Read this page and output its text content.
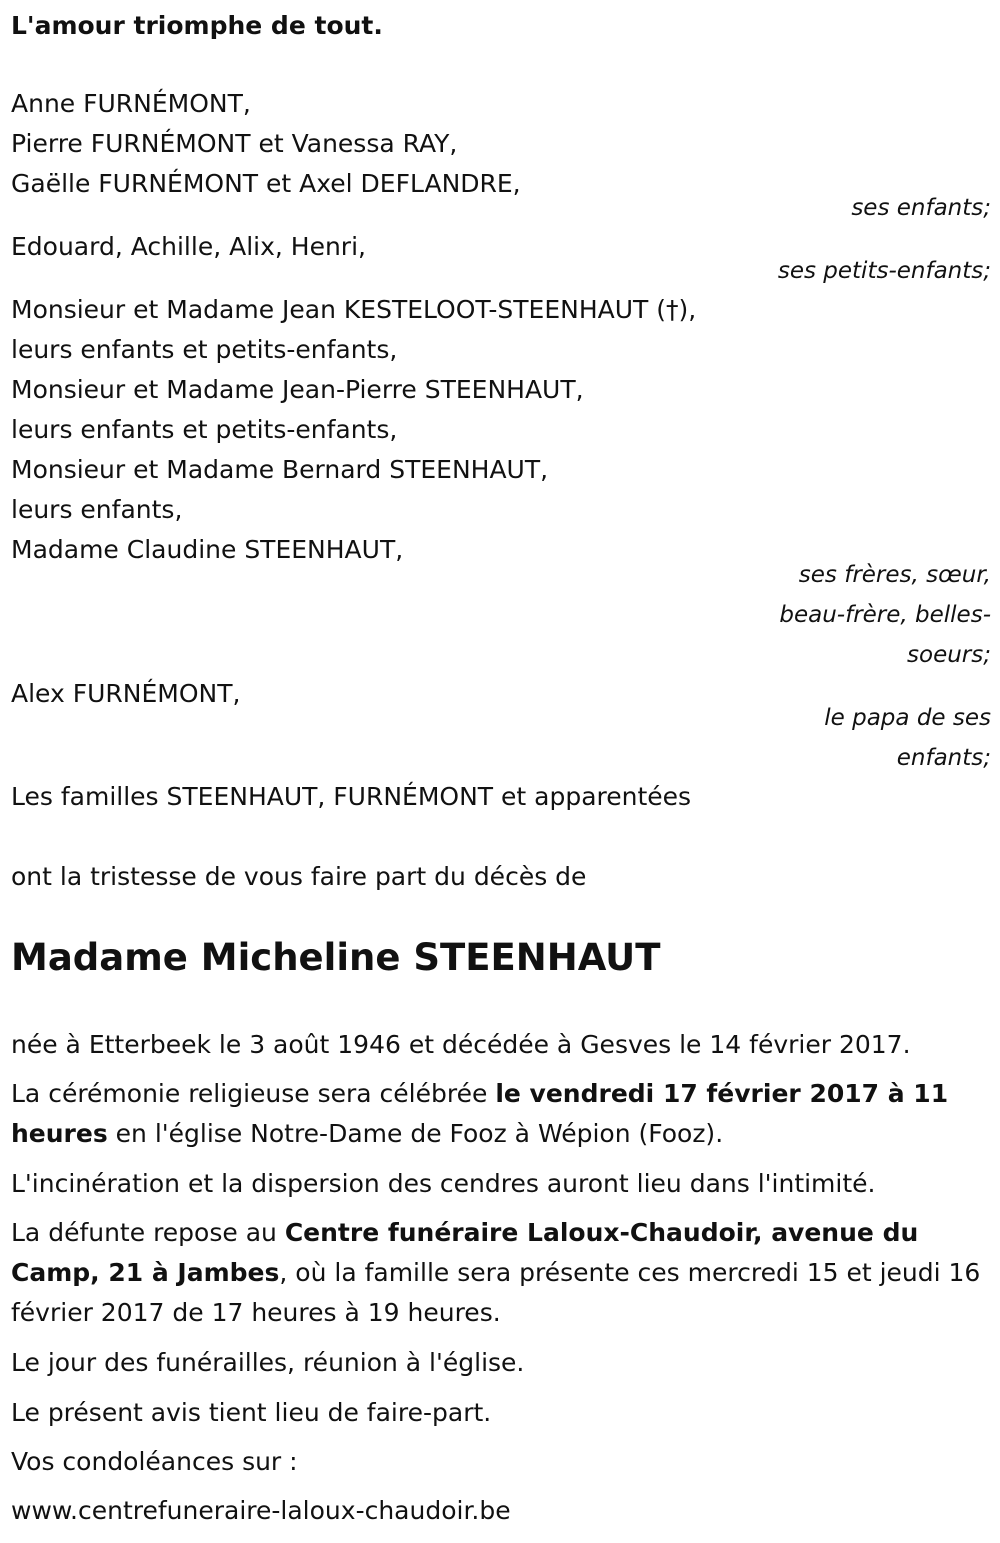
L'amour triomphe de tout.
Anne FURNÉMONT,
Pierre FURNÉMONT et Vanessa RAY,
Gaëlle FURNÉMONT et Axel DEFLANDRE,
ses enfants;
Edouard, Achille, Alix, Henri,
ses petits-enfants;
Monsieur et Madame Jean KESTELOOT-STEENHAUT (†),
leurs enfants et petits-enfants,
Monsieur et Madame Jean-Pierre STEENHAUT,
leurs enfants et petits-enfants,
Monsieur et Madame Bernard STEENHAUT,
leurs enfants,
Madame Claudine STEENHAUT,
ses frères, sœur,
beau-frère, belles-
soeurs;
Alex FURNÉMONT,
le papa de ses
enfants;
Les familles STEENHAUT, FURNÉMONT et apparentées
ont la tristesse de vous faire part du décès de
Madame Micheline STEENHAUT
née à Etterbeek le 3 août 1946 et décédée à Gesves le 14 février 2017.
La cérémonie religieuse sera célébrée le vendredi 17 février 2017 à 11 heures en l'église Notre-Dame de Fooz à Wépion (Fooz).
L'incinération et la dispersion des cendres auront lieu dans l'intimité.
La défunte repose au Centre funéraire Laloux-Chaudoir, avenue du Camp, 21 à Jambes, où la famille sera présente ces mercredi 15 et jeudi 16 février 2017 de 17 heures à 19 heures.
Le jour des funérailles, réunion à l'église.
Le présent avis tient lieu de faire-part.
Vos condoléances sur :
www.centrefuneraire-laloux-chaudoir.be
